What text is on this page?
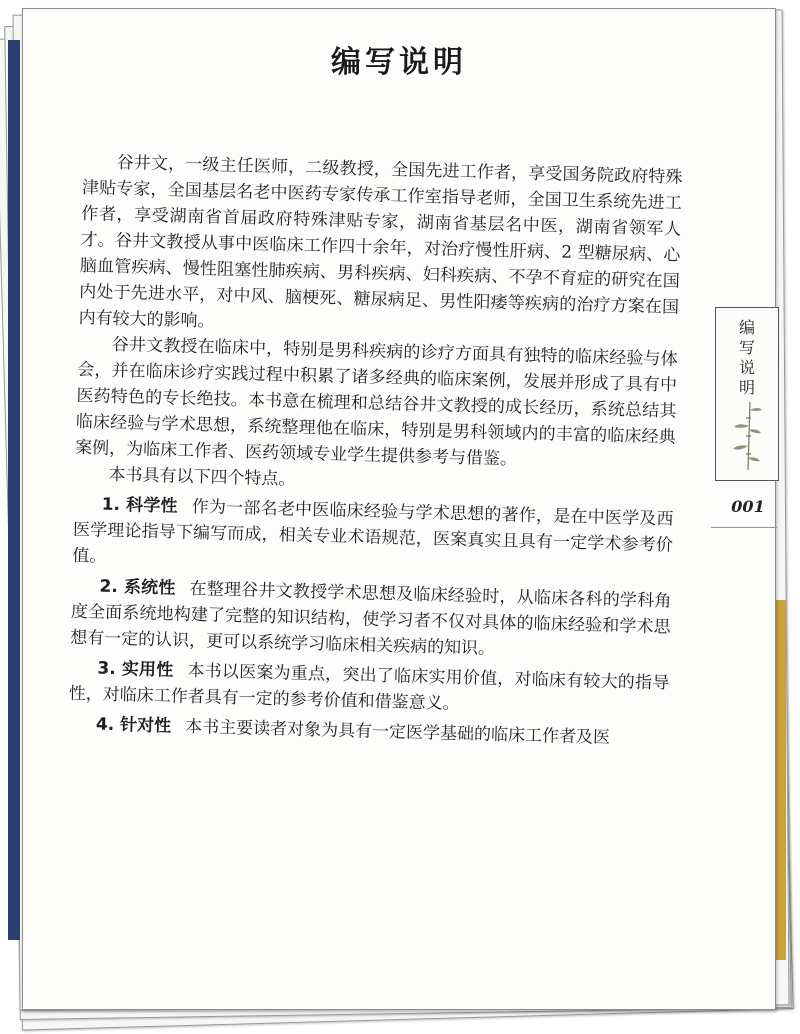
编写说明

谷井文，一级主任医师，二级教授，全国先进工作者，享受国务院政府特殊津贴专家，全国基层名老中医药专家传承工作室指导老师，全国卫生系统先进工作者，享受湖南省首届政府特殊津贴专家，湖南省基层名中医，湖南省领军人才。谷井文教授从事中医临床工作四十余年，对治疗慢性肝病、2 型糖尿病、心脑血管疾病、慢性阻塞性肺疾病、男科疾病、妇科疾病、不孕不育症的研究在国内处于先进水平，对中风、脑梗死、糖尿病足、男性阳痿等疾病的治疗方案在国内有较大的影响。

谷井文教授在临床中，特别是男科疾病的诊疗方面具有独特的临床经验与体会，并在临床诊疗实践过程中积累了诸多经典的临床案例，发展并形成了具有中医药特色的专长绝技。本书意在梳理和总结谷井文教授的成长经历，系统总结其临床经验与学术思想，系统整理他在临床，特别是男科领域内的丰富的临床经典案例，为临床工作者、医药领域专业学生提供参考与借鉴。

本书具有以下四个特点。

1. 科学性 作为一部名老中医临床经验与学术思想的著作，是在中医学及西医学理论指导下编写而成，相关专业术语规范，医案真实且具有一定学术参考价值。

2. 系统性 在整理谷井文教授学术思想及临床经验时，从临床各科的学科角度全面系统地构建了完整的知识结构，使学习者不仅对具体的临床经验和学术思想有一定的认识，更可以系统学习临床相关疾病的知识。

3. 实用性 本书以医案为重点，突出了临床实用价值，对临床有较大的指导性，对临床工作者具有一定的参考价值和借鉴意义。

4. 针对性 本书主要读者对象为具有一定医学基础的临床工作者及医

编
写
说
明
001
